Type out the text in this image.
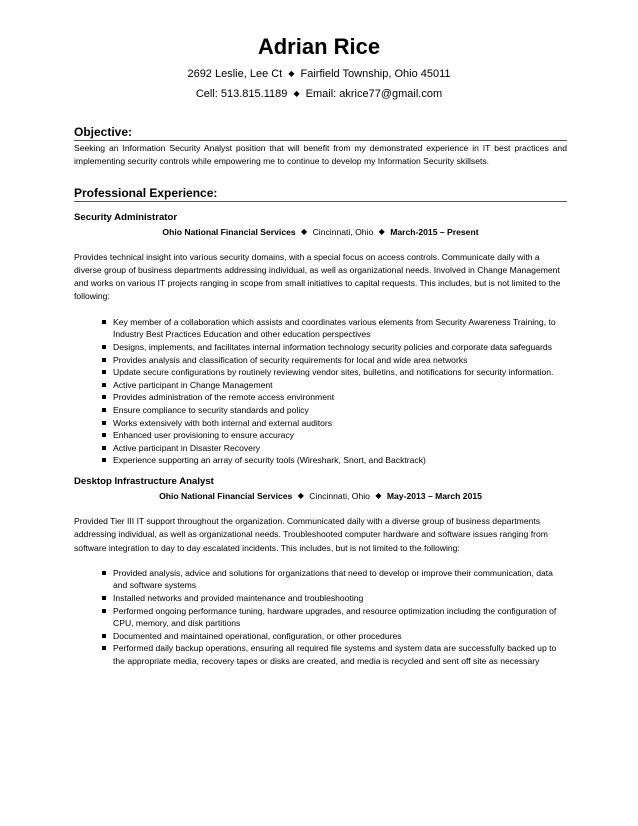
Adrian Rice
2692 Leslie, Lee Ct ◆ Fairfield Township, Ohio 45011
Cell: 513.815.1189 ◆ Email: akrice77@gmail.com
Objective:
Seeking an Information Security Analyst position that will benefit from my demonstrated experience in IT best practices and implementing security controls while empowering me to continue to develop my Information Security skillsets.
Professional Experience:
Security Administrator
Ohio National Financial Services ◆ Cincinnati, Ohio ◆ March-2015 – Present
Provides technical insight into various security domains, with a special focus on access controls. Communicate daily with a diverse group of business departments addressing individual, as well as organizational needs. Involved in Change Management and works on various IT projects ranging in scope from small initiatives to capital requests. This includes, but is not limited to the following:
Key member of a collaboration which assists and coordinates various elements from Security Awareness Training, to Industry Best Practices Education and other education perspectives
Designs, implements, and facilitates internal information technology security policies and corporate data safeguards
Provides analysis and classification of security requirements for local and wide area networks
Update secure configurations by routinely reviewing vendor sites, bulletins, and notifications for security information.
Active participant in Change Management
Provides administration of the remote access environment
Ensure compliance to security standards and policy
Works extensively with both internal and external auditors
Enhanced user provisioning to ensure accuracy
Active participant in Disaster Recovery
Experience supporting an array of security tools (Wireshark, Snort, and Backtrack)
Desktop Infrastructure Analyst
Ohio National Financial Services ◆ Cincinnati, Ohio ◆ May-2013 – March 2015
Provided Tier III IT support throughout the organization. Communicated daily with a diverse group of business departments addressing individual, as well as organizational needs. Troubleshooted computer hardware and software issues ranging from software integration to day to day escalated incidents. This includes, but is not limited to the following:
Provided analysis, advice and solutions for organizations that need to develop or improve their communication, data and software systems
Installed networks and provided maintenance and troubleshooting
Performed ongoing performance tuning, hardware upgrades, and resource optimization including the configuration of CPU, memory, and disk partitions
Documented and maintained operational, configuration, or other procedures
Performed daily backup operations, ensuring all required file systems and system data are successfully backed up to the appropriate media, recovery tapes or disks are created, and media is recycled and sent off site as necessary
